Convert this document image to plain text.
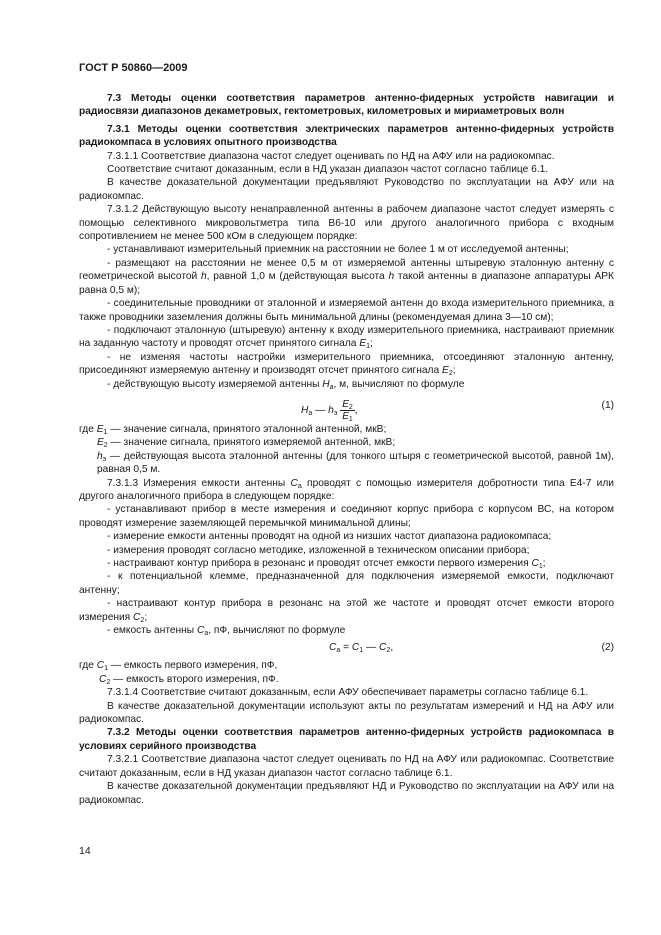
ГОСТ Р 50860—2009

7.3 Методы оценки соответствия параметров антенно-фидерных устройств навигации и радиосвязи диапазонов декаметровых, гектометровых, километровых и мириаметровых волн

7.3.1 Методы оценки соответствия электрических параметров антенно-фидерных устройств радиокомпаса в условиях опытного производства

7.3.1.1 Соответствие диапазона частот следует оценивать по НД на АФУ или на радиокомпас.

Соответствие считают доказанным, если в НД указан диапазон частот согласно таблице 6.1.

В качестве доказательной документации предъявляют Руководство по эксплуатации на АФУ или на радиокомпас.

7.3.1.2 Действующую высоту ненаправленной антенны в рабочем диапазоне частот следует измерять с помощью селективного микровольтметра типа В6-10 или другого аналогичного прибора с входным сопротивлением не менее 500 кОм в следующем порядке:

- устанавливают измерительный приемник на расстоянии не более 1 м от исследуемой антенны;

- размещают на расстоянии не менее 0,5 м от измеряемой антенны штыревую эталонную антенну с геометрической высотой h, равной 1,0 м (действующая высота h такой антенны в диапазоне аппаратуры АРК равна 0,5 м);

- соединительные проводники от эталонной и измеряемой антенн до входа измерительного приемника, а также проводники заземления должны быть минимальной длины (рекомендуемая длина 3—10 см);

- подключают эталонную (штыревую) антенну к входу измерительного приемника, настраивают приемник на заданную частоту и проводят отсчет принятого сигнала $E_1$;

- не изменяя частоты настройки измерительного приемника, отсоединяют эталонную антенну, присоединяют измеряемую антенну и производят отсчет принятого сигнала $E_2$;

- действующую высоту измеряемой антенны $H_а$, м, вычисляют по формуле

$H_а$ — $h_э \frac{E_2}{E_1}$ ,	(1)

где $E_1$ — значение сигнала, принятого эталонной антенной, мкВ;

$E_2$ — значение сигнала, принятого измеряемой антенной, мкВ;

$h_э$ — действующая высота эталонной антенны (для тонкого штыря с геометрической высотой, равной 1м), равная 0,5 м.

7.3.1.3 Измерения емкости антенны $C_а$ проводят с помощью измерителя добротности типа Е4-7 или другого аналогичного прибора в следующем порядке:

- устанавливают прибор в месте измерения и соединяют корпус прибора с корпусом ВС, на котором проводят измерение заземляющей перемычкой минимальной длины;

- измерение емкости антенны проводят на одной из низших частот диапазона радиокомпаса;

- измерения проводят согласно методике, изложенной в техническом описании прибора;

- настраивают контур прибора в резонанс и проводят отсчет емкости первого измерения $C_1$;

- к потенциальной клемме, предназначенной для подключения измеряемой емкости, подключают антенну;

- настраивают контур прибора в резонанс на этой же частоте и проводят отсчет емкости второго измерения $C_2$;

- емкость антенны $C_а$, пФ, вычисляют по формуле

$C_а = C_1$ — $C_2$,	(2)

где $C_1$ — емкость первого измерения, пФ,

$C_2$ — емкость второго измерения, пФ.

7.3.1.4 Соответствие считают доказанным, если АФУ обеспечивает параметры согласно таблице 6.1.

В качестве доказательной документации используют акты по результатам измерений и НД на АФУ или радиокомпас.

7.3.2 Методы оценки соответствия параметров антенно-фидерных устройств радиокомпаса в условиях серийного производства

7.3.2.1 Соответствие диапазона частот следует оценивать по НД на АФУ или радиокомпас. Соответствие считают доказанным, если в НД указан диапазон частот согласно таблице 6.1.

В качестве доказательной документации предъявляют НД и Руководство по эксплуатации на АФУ или на радиокомпас.

14
